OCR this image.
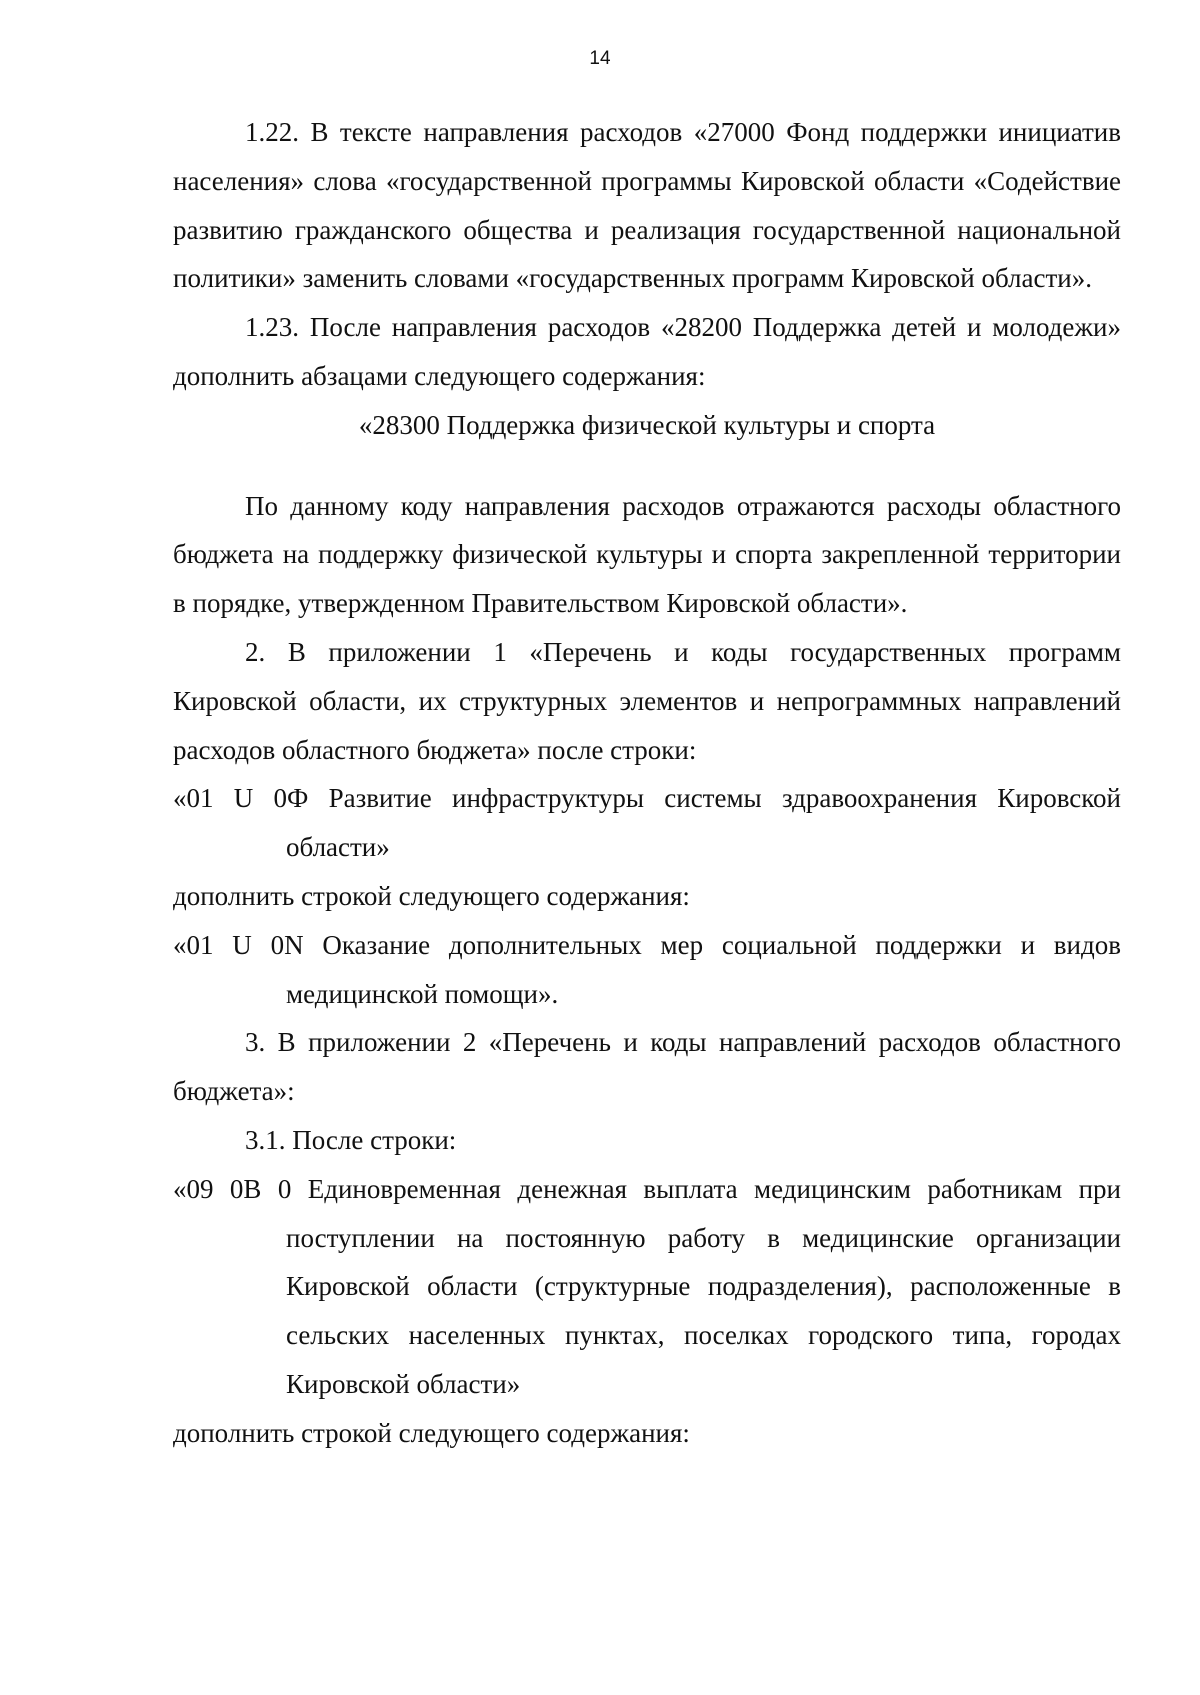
14

1.22. В тексте направления расходов «27000 Фонд поддержки инициатив населения» слова «государственной программы Кировской области «Содействие развитию гражданского общества и реализация государственной национальной политики» заменить словами «государственных программ Кировской области».

1.23. После направления расходов «28200 Поддержка детей и молодежи» дополнить абзацами следующего содержания:

«28300 Поддержка физической культуры и спорта

По данному коду направления расходов отражаются расходы областного бюджета на поддержку физической культуры и спорта закрепленной территории в порядке, утвержденном Правительством Кировской области».

2. В приложении 1 «Перечень и коды государственных программ Кировской области, их структурных элементов и непрограммных направлений расходов областного бюджета» после строки:

«01 U 0Ф Развитие инфраструктуры системы здравоохранения Кировской области»

дополнить строкой следующего содержания:

«01 U 0N Оказание дополнительных мер социальной поддержки и видов медицинской помощи».

3. В приложении 2 «Перечень и коды направлений расходов областного бюджета»:

3.1. После строки:

«09 0В 0 Единовременная денежная выплата медицинским работникам при поступлении на постоянную работу в медицинские организации Кировской области (структурные подразделения), расположенные в сельских населенных пунктах, поселках городского типа, городах Кировской области»

дополнить строкой следующего содержания:
